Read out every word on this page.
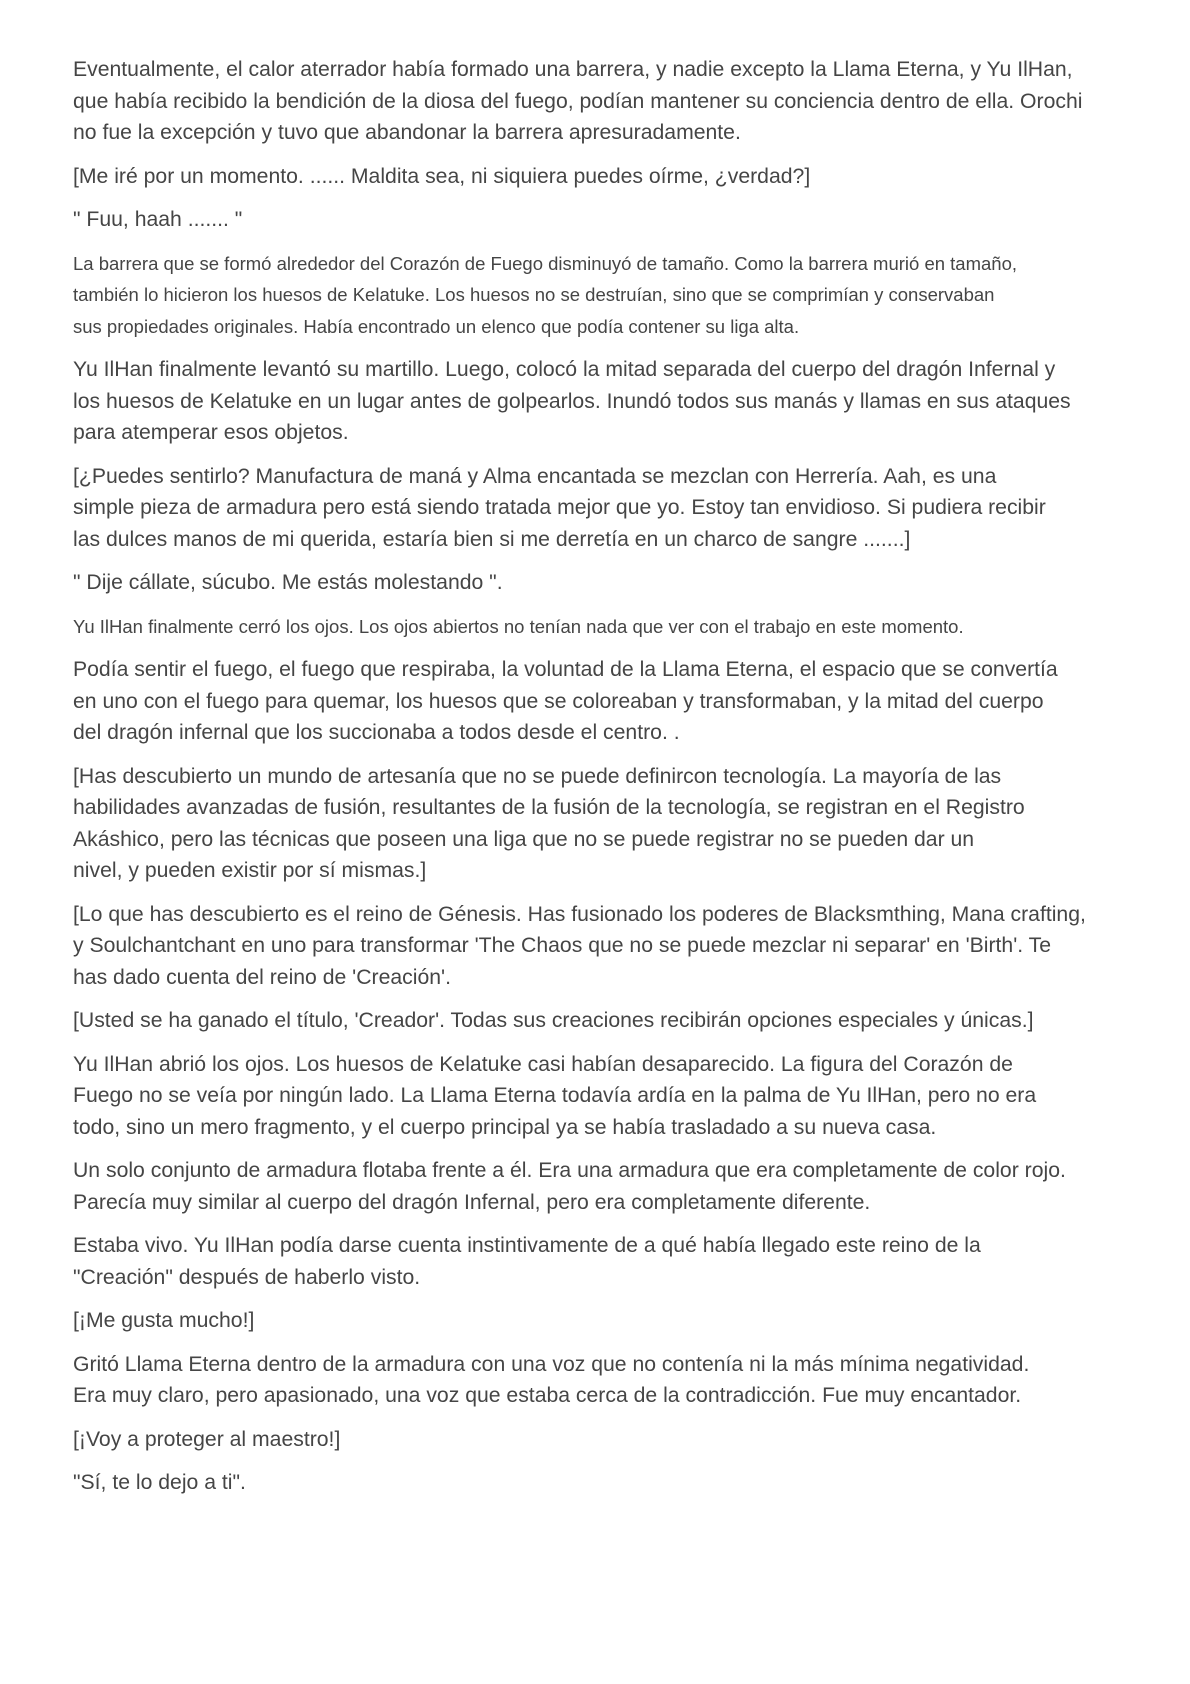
Eventualmente, el calor aterrador había formado una barrera, y nadie excepto la Llama Eterna, y Yu IlHan,
que había recibido la bendición de la diosa del fuego, podían mantener su conciencia dentro de ella. Orochi
no fue la excepción y tuvo que abandonar la barrera apresuradamente.
[Me iré por un momento. ...... Maldita sea, ni siquiera puedes oírme, ¿verdad?]
" Fuu, haah ....... "
La barrera que se formó alrededor del Corazón de Fuego disminuyó de tamaño. Como la barrera murió en tamaño,
también lo hicieron los huesos de Kelatuke. Los huesos no se destruían, sino que se comprimían y conservaban
sus propiedades originales. Había encontrado un elenco que podía contener su liga alta.
Yu IlHan finalmente levantó su martillo. Luego, colocó la mitad separada del cuerpo del dragón Infernal y
los huesos de Kelatuke en un lugar antes de golpearlos. Inundó todos sus manás y llamas en sus ataques
para atemperar esos objetos.
[¿Puedes sentirlo? Manufactura de maná y Alma encantada se mezclan con Herrería. Aah, es una
simple pieza de armadura pero está siendo tratada mejor que yo. Estoy tan envidioso. Si pudiera recibir
las dulces manos de mi querida, estaría bien si me derretía en un charco de sangre .......]
" Dije cállate, súcubo. Me estás molestando ".
Yu IlHan finalmente cerró los ojos. Los ojos abiertos no tenían nada que ver con el trabajo en este momento.
Podía sentir el fuego, el fuego que respiraba, la voluntad de la Llama Eterna, el espacio que se convertía
en uno con el fuego para quemar, los huesos que se coloreaban y transformaban, y la mitad del cuerpo
del dragón infernal que los succionaba a todos desde el centro. .
[Has descubierto un mundo de artesanía que no se puede definircon tecnología. La mayoría de las
habilidades avanzadas de fusión, resultantes de la fusión de la tecnología, se registran en el Registro
Akáshico, pero las técnicas que poseen una liga que no se puede registrar no se pueden dar un
nivel, y pueden existir por sí mismas.]
[Lo que has descubierto es el reino de Génesis. Has fusionado los poderes de Blacksmthing, Mana crafting,
y Soulchantchant en uno para transformar 'The Chaos que no se puede mezclar ni separar' en 'Birth'. Te
has dado cuenta del reino de 'Creación'.
[Usted se ha ganado el título, 'Creador'. Todas sus creaciones recibirán opciones especiales y únicas.]
Yu IlHan abrió los ojos. Los huesos de Kelatuke casi habían desaparecido. La figura del Corazón de
Fuego no se veía por ningún lado. La Llama Eterna todavía ardía en la palma de Yu IlHan, pero no era
todo, sino un mero fragmento, y el cuerpo principal ya se había trasladado a su nueva casa.
Un solo conjunto de armadura flotaba frente a él. Era una armadura que era completamente de color rojo.
Parecía muy similar al cuerpo del dragón Infernal, pero era completamente diferente.
Estaba vivo. Yu IlHan podía darse cuenta instintivamente de a qué había llegado este reino de la
"Creación" después de haberlo visto.
[¡Me gusta mucho!]
Gritó Llama Eterna dentro de la armadura con una voz que no contenía ni la más mínima negatividad.
Era muy claro, pero apasionado, una voz que estaba cerca de la contradicción. Fue muy encantador.
[¡Voy a proteger al maestro!]
"Sí, te lo dejo a ti".
